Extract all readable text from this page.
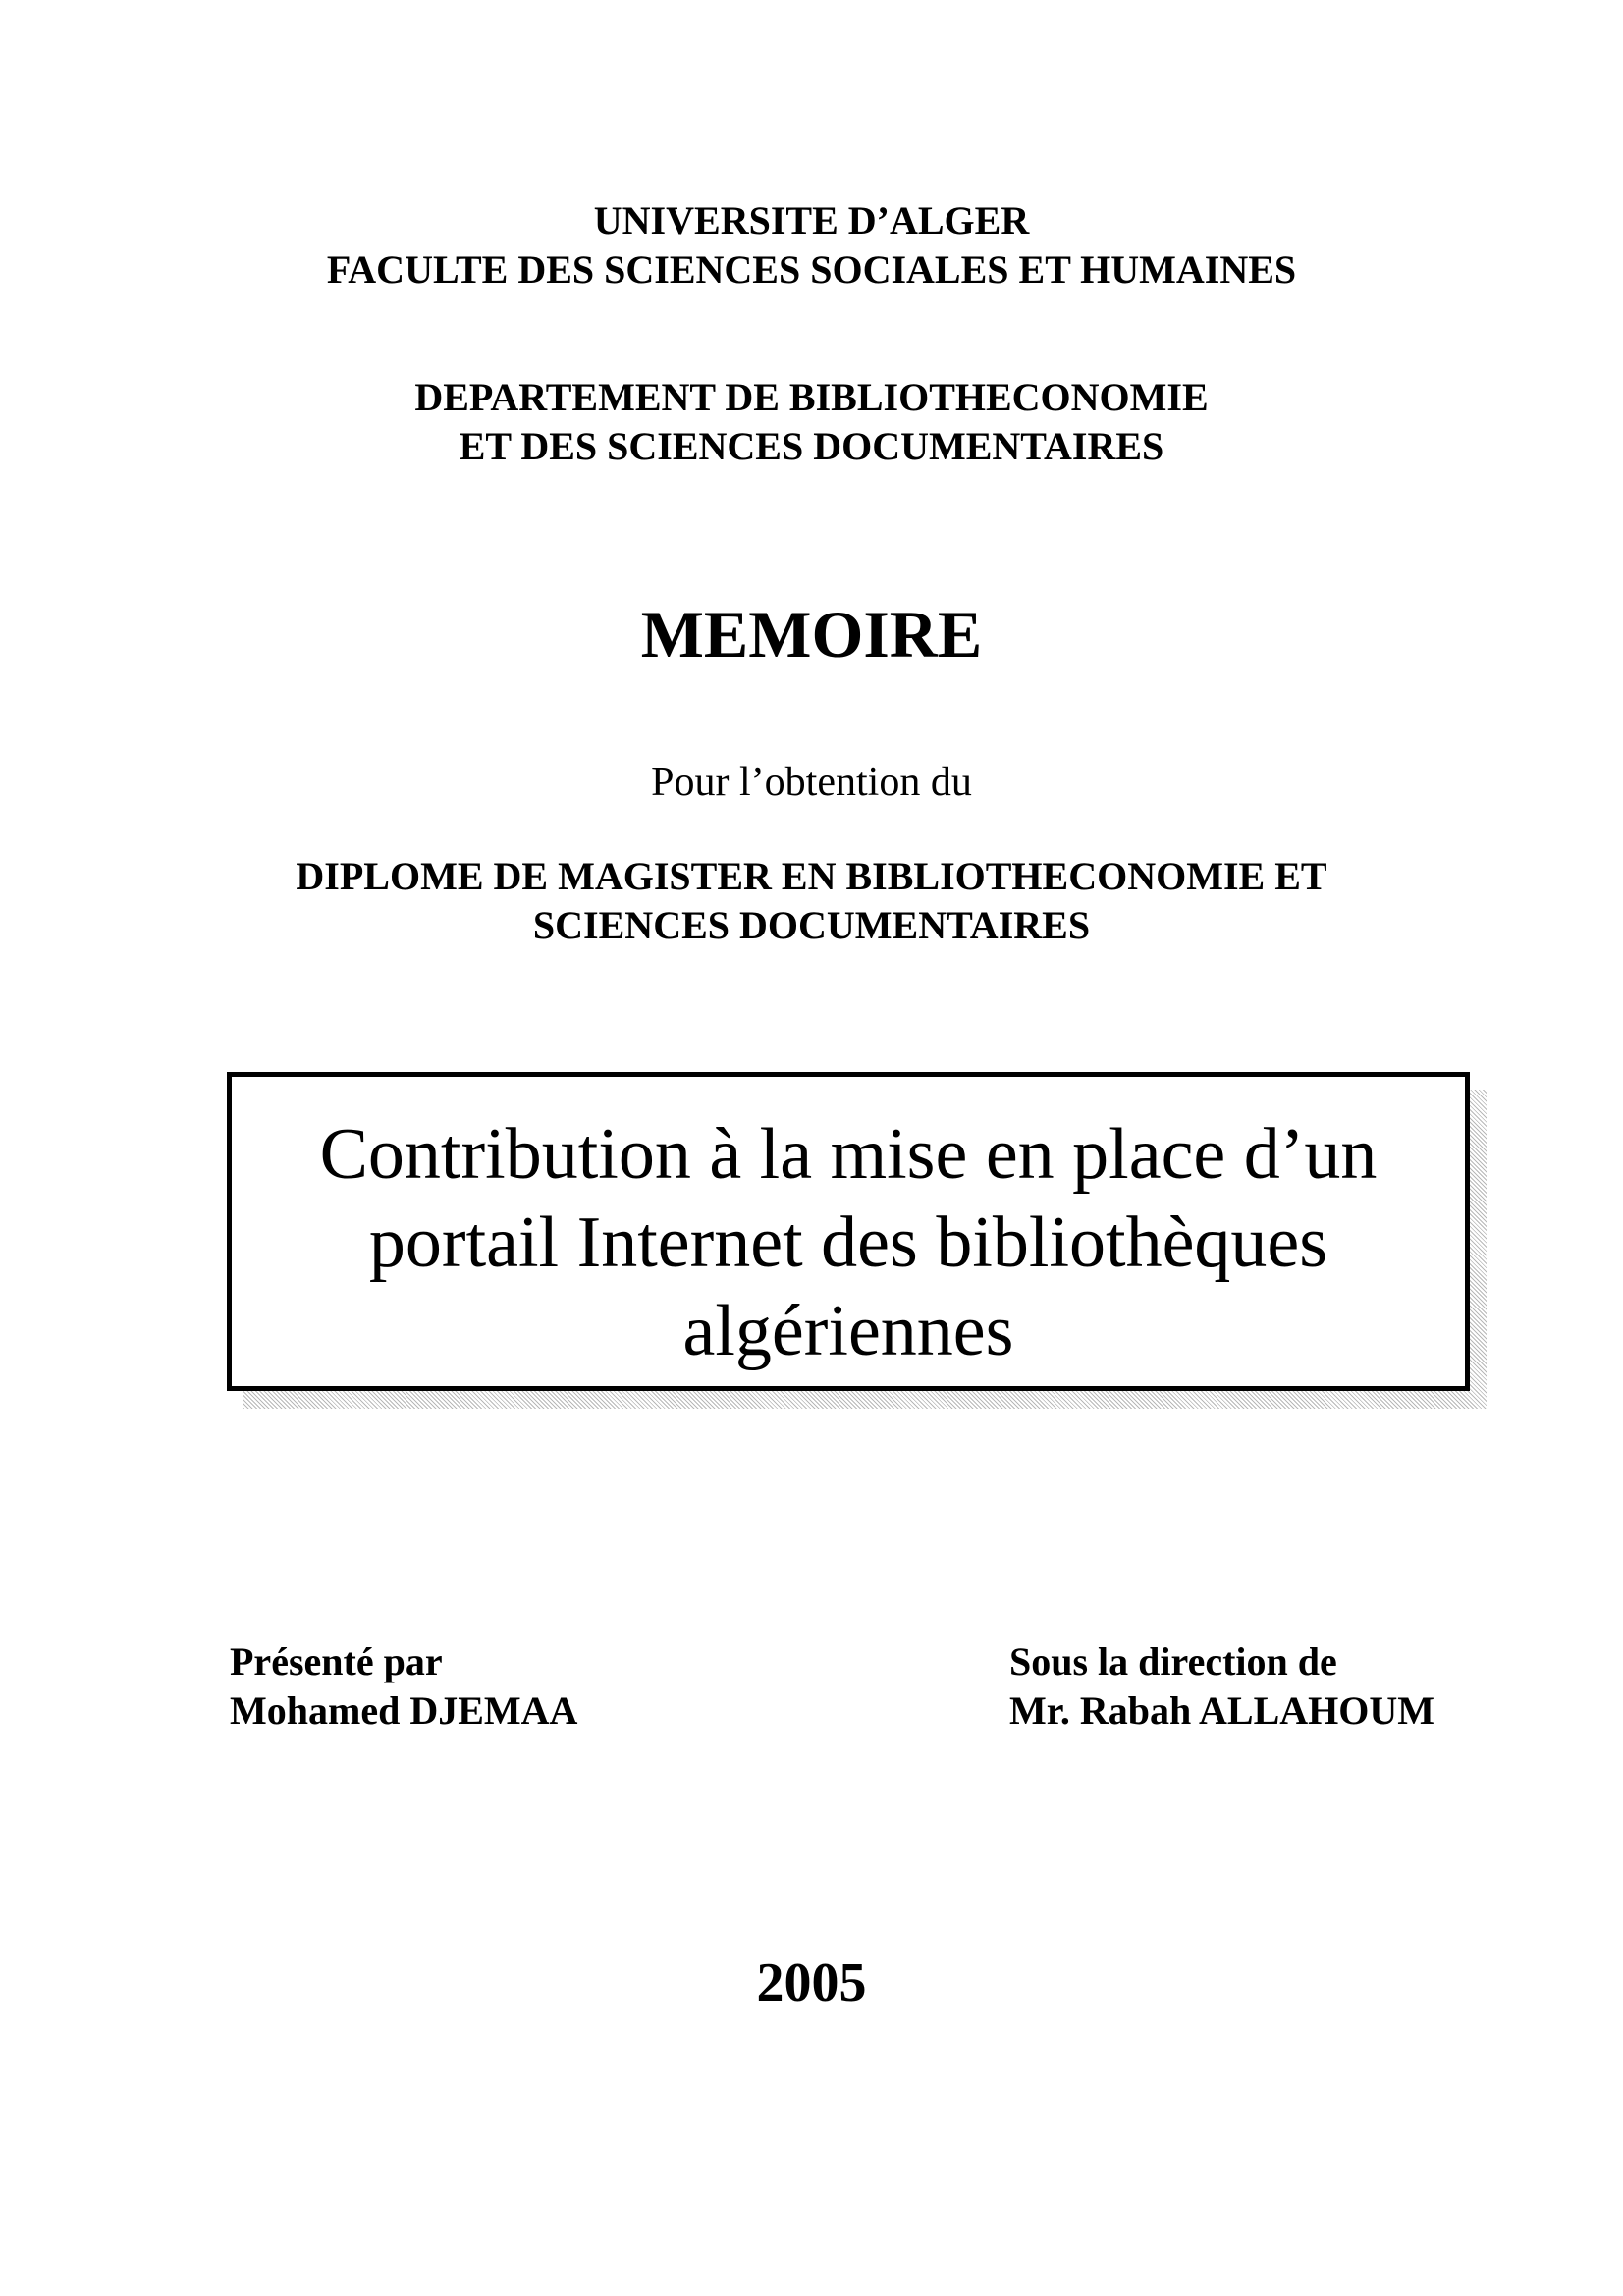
UNIVERSITE D’ALGER
FACULTE DES SCIENCES SOCIALES ET HUMAINES
DEPARTEMENT DE BIBLIOTHECONOMIE
ET DES SCIENCES DOCUMENTAIRES
MEMOIRE
Pour l’obtention du
DIPLOME DE MAGISTER EN BIBLIOTHECONOMIE ET
SCIENCES DOCUMENTAIRES
Contribution à la mise en place d’un
portail Internet des bibliothèques
algériennes
Présenté par
Mohamed DJEMAA
Sous la direction de
Mr. Rabah ALLAHOUM
2005
